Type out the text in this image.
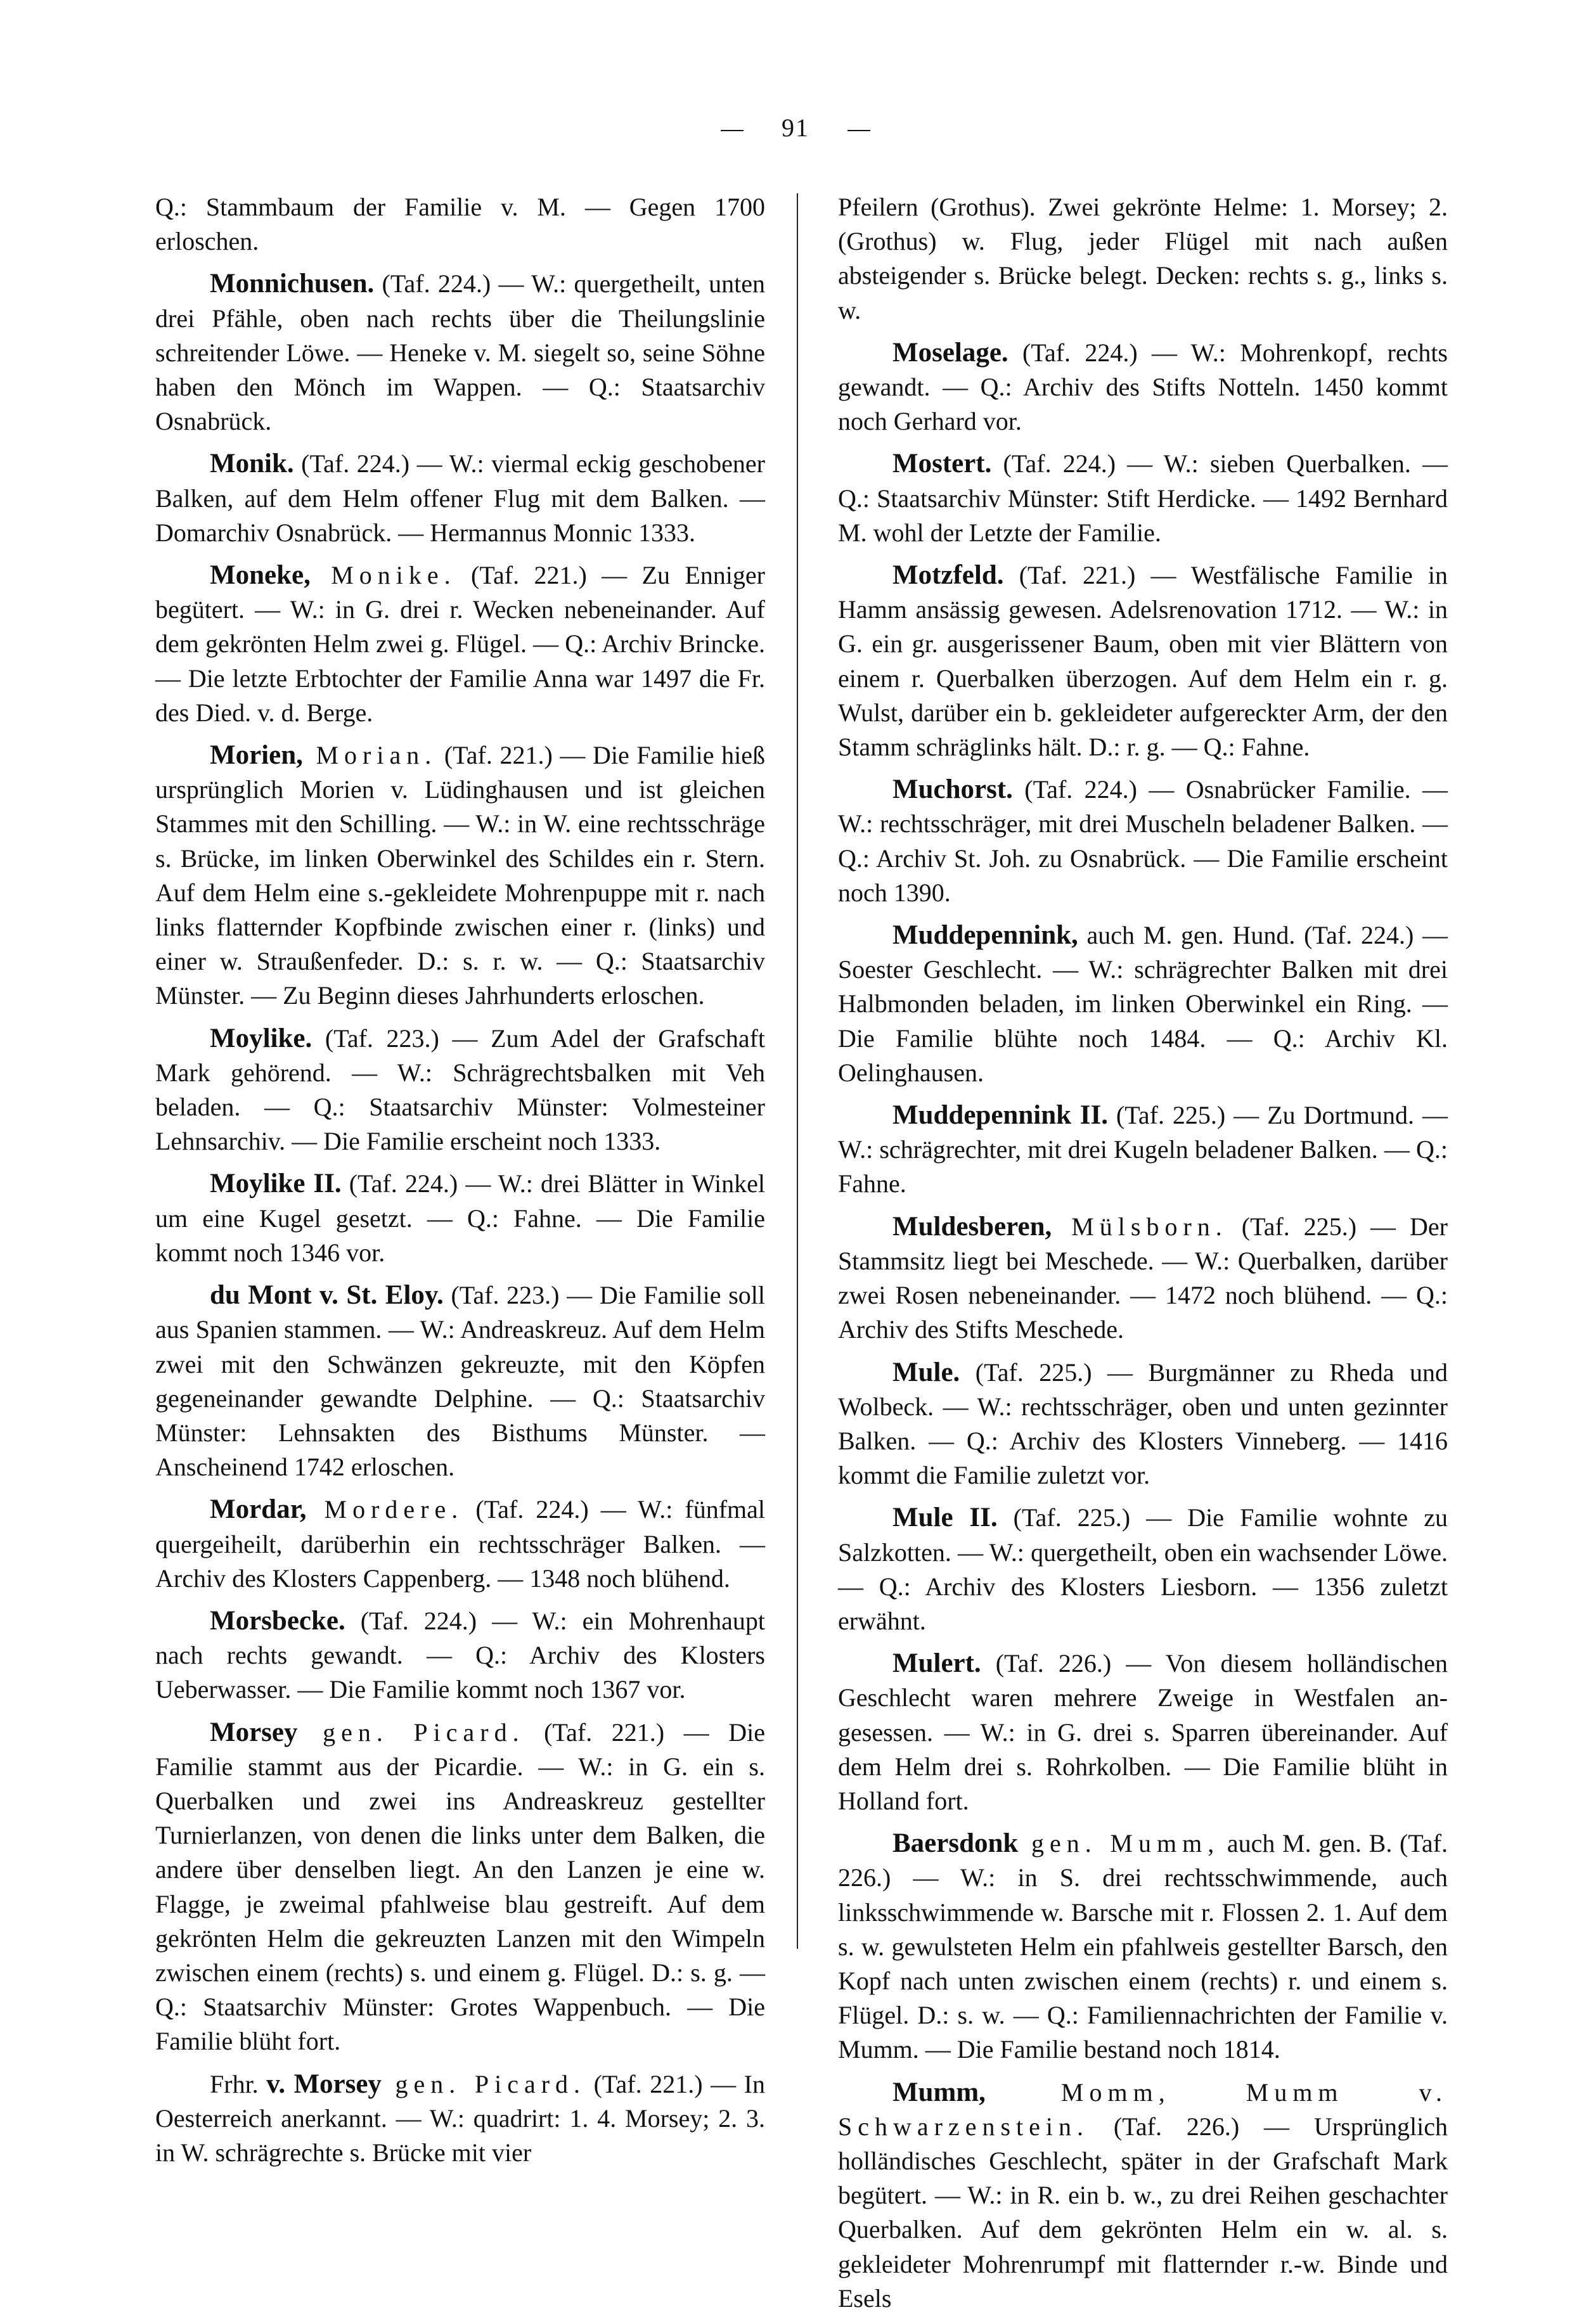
91

Q.: Stammbaum der Familie v. M. — Gegen 1700 erloschen.

Monnichusen. (Taf. 224.) — W.: quergetheilt, unten drei Pfähle, oben nach rechts über die Theilungslinie schreitender Löwe. — Heneke v. M. siegelt so, seine Söhne haben den Mönch im Wappen. — Q.: Staatsarchiv Osnabrück.

Monik. (Taf. 224.) — W.: viermal eckig geschobener Balken, auf dem Helm offener Flug mit dem Balken. — Domarchiv Osnabrück. — Hermannus Monnic 1333.

Moneke, Monike. (Taf. 221.) — Zu Enniger begütert. — W.: in G. drei r. Wecken nebeneinander. Auf dem gekrönten Helm zwei g. Flügel. — Q.: Archiv Brincke. — Die letzte Erbtochter der Familie Anna war 1497 die Fr. des Died. v. d. Berge.

Morien, Morian. (Taf. 221.) — Die Familie hieß ursprünglich Morien v. Lüdinghausen und ist gleichen Stammes mit den Schilling. — W.: in W. eine rechtsschräge s. Brücke, im linken Oberwinkel des Schildes ein r. Stern. Auf dem Helm eine s.-gekleidete Mohrenpuppe mit r. nach links flatternder Kopfbinde zwischen einer r. (links) und einer w. Straußenfeder. D.: s. r. w. — Q.: Staatsarchiv Münster. — Zu Beginn dieses Jahrhunderts erloschen.

Moylike. (Taf. 223.) — Zum Adel der Grafschaft Mark gehörend. — W.: Schrägrechtsbalken mit Veh beladen. — Q.: Staatsarchiv Münster: Volmesteiner Lehnsarchiv. — Die Familie erscheint noch 1333.

Moylike II. (Taf. 224.) — W.: drei Blätter in Winkel um eine Kugel gesetzt. — Q.: Fahne. — Die Familie kommt noch 1346 vor.

du Mont v. St. Eloy. (Taf. 223.) — Die Familie soll aus Spanien stammen. — W.: Andreaskreuz. Auf dem Helm zwei mit den Schwänzen gekreuzte, mit den Köpfen gegeneinander gewandte Delphine. — Q.: Staatsarchiv Münster: Lehnsakten des Bisthums Münster. — Anscheinend 1742 erloschen.

Mordar, Mordere. (Taf. 224.) — W.: fünfmal quergeiheilt, darüberhin ein rechtsschräger Balken. — Archiv des Klosters Cappenberg. — 1348 noch blühend.

Morsbecke. (Taf. 224.) — W.: ein Mohrenhaupt nach rechts gewandt. — Q.: Archiv des Klosters Ueberwasser. — Die Familie kommt noch 1367 vor.

Morsey gen. Picard. (Taf. 221.) — Die Familie stammt aus der Picardie. — W.: in G. ein s. Querbalken und zwei ins Andreaskreuz gestellter Turnierlanzen, von denen die links unter dem Balken, die andere über denselben liegt. An den Lanzen je eine w. Flagge, je zweimal pfahlweise blau gestreift. Auf dem gekrönten Helm die gekreuzten Lanzen mit den Wimpeln zwischen einem (rechts) s. und einem g. Flügel. D.: s. g. — Q.: Staatsarchiv Münster: Grotes Wappenbuch. — Die Familie blüht fort.

Frhr. v. Morsey gen. Picard. (Taf. 221.) — In Oesterreich anerkannt. — W.: quadrirt: 1. 4. Morsey; 2. 3. in W. schrägrechte s. Brücke mit vier

Pfeilern (Grothus). Zwei gekrönte Helme: 1. Morsey; 2. (Grothus) w. Flug, jeder Flügel mit nach außen absteigender s. Brücke belegt. Decken: rechts s. g., links s. w.

Moselage. (Taf. 224.) — W.: Mohrenkopf, rechts gewandt. — Q.: Archiv des Stifts Notteln. 1450 kommt noch Gerhard vor.

Mostert. (Taf. 224.) — W.: sieben Querbalken. — Q.: Staatsarchiv Münster: Stift Herdicke. — 1492 Bernhard M. wohl der Letzte der Familie.

Motzfeld. (Taf. 221.) — Westfälische Familie in Hamm ansässig gewesen. Adelsrenovation 1712. — W.: in G. ein gr. ausgerissener Baum, oben mit vier Blättern von einem r. Querbalken überzogen. Auf dem Helm ein r. g. Wulst, darüber ein b. gekleideter aufgereckter Arm, der den Stamm schräglinks hält. D.: r. g. — Q.: Fahne.

Muchorst. (Taf. 224.) — Osnabrücker Familie. — W.: rechtsschräger, mit drei Muscheln beladener Balken. — Q.: Archiv St. Joh. zu Osnabrück. — Die Familie erscheint noch 1390.

Muddepennink, auch M. gen. Hund. (Taf. 224.) — Soester Geschlecht. — W.: schrägrechter Balken mit drei Halbmonden beladen, im linken Oberwinkel ein Ring. — Die Familie blühte noch 1484. — Q.: Archiv Kl. Oelinghausen.

Muddepennink II. (Taf. 225.) — Zu Dortmund. — W.: schrägrechter, mit drei Kugeln beladener Balken. — Q.: Fahne.

Muldesberen, Mülsborn. (Taf. 225.) — Der Stammsitz liegt bei Meschede. — W.: Querbalken, darüber zwei Rosen nebeneinander. — 1472 noch blühend. — Q.: Archiv des Stifts Meschede.

Mule. (Taf. 225.) — Burgmänner zu Rheda und Wolbeck. — W.: rechtsschräger, oben und unten gezinnter Balken. — Q.: Archiv des Klosters Vinneberg. — 1416 kommt die Familie zuletzt vor.

Mule II. (Taf. 225.) — Die Familie wohnte zu Salzkotten. — W.: quergetheilt, oben ein wachsender Löwe. — Q.: Archiv des Klosters Liesborn. — 1356 zuletzt erwähnt.

Mulert. (Taf. 226.) — Von diesem holländischen Geschlecht waren mehrere Zweige in Westfalen angesessen. — W.: in G. drei s. Sparren übereinander. Auf dem Helm drei s. Rohrkolben. — Die Familie blüht in Holland fort.

Baersdonk gen. Mumm, auch M. gen. B. (Taf. 226.) — W.: in S. drei rechtsschwimmende, auch linksschwimmende w. Barsche mit r. Flossen 2. 1. Auf dem s. w. gewulsteten Helm ein pfahlweis gestellter Barsch, den Kopf nach unten zwischen einem (rechts) r. und einem s. Flügel. D.: s. w. — Q.: Familiennachrichten der Familie v. Mumm. — Die Familie bestand noch 1814.

Mumm, Momm, Mumm v. Schwarzenstein. (Taf. 226.) — Ursprünglich holländisches Geschlecht, später in der Grafschaft Mark begütert. — W.: in R. ein b. w., zu drei Reihen geschachter Querbalken. Auf dem gekrönten Helm ein w. al. s. gekleideter Mohrenrumpf mit flatternder r.-w. Binde und Esels
